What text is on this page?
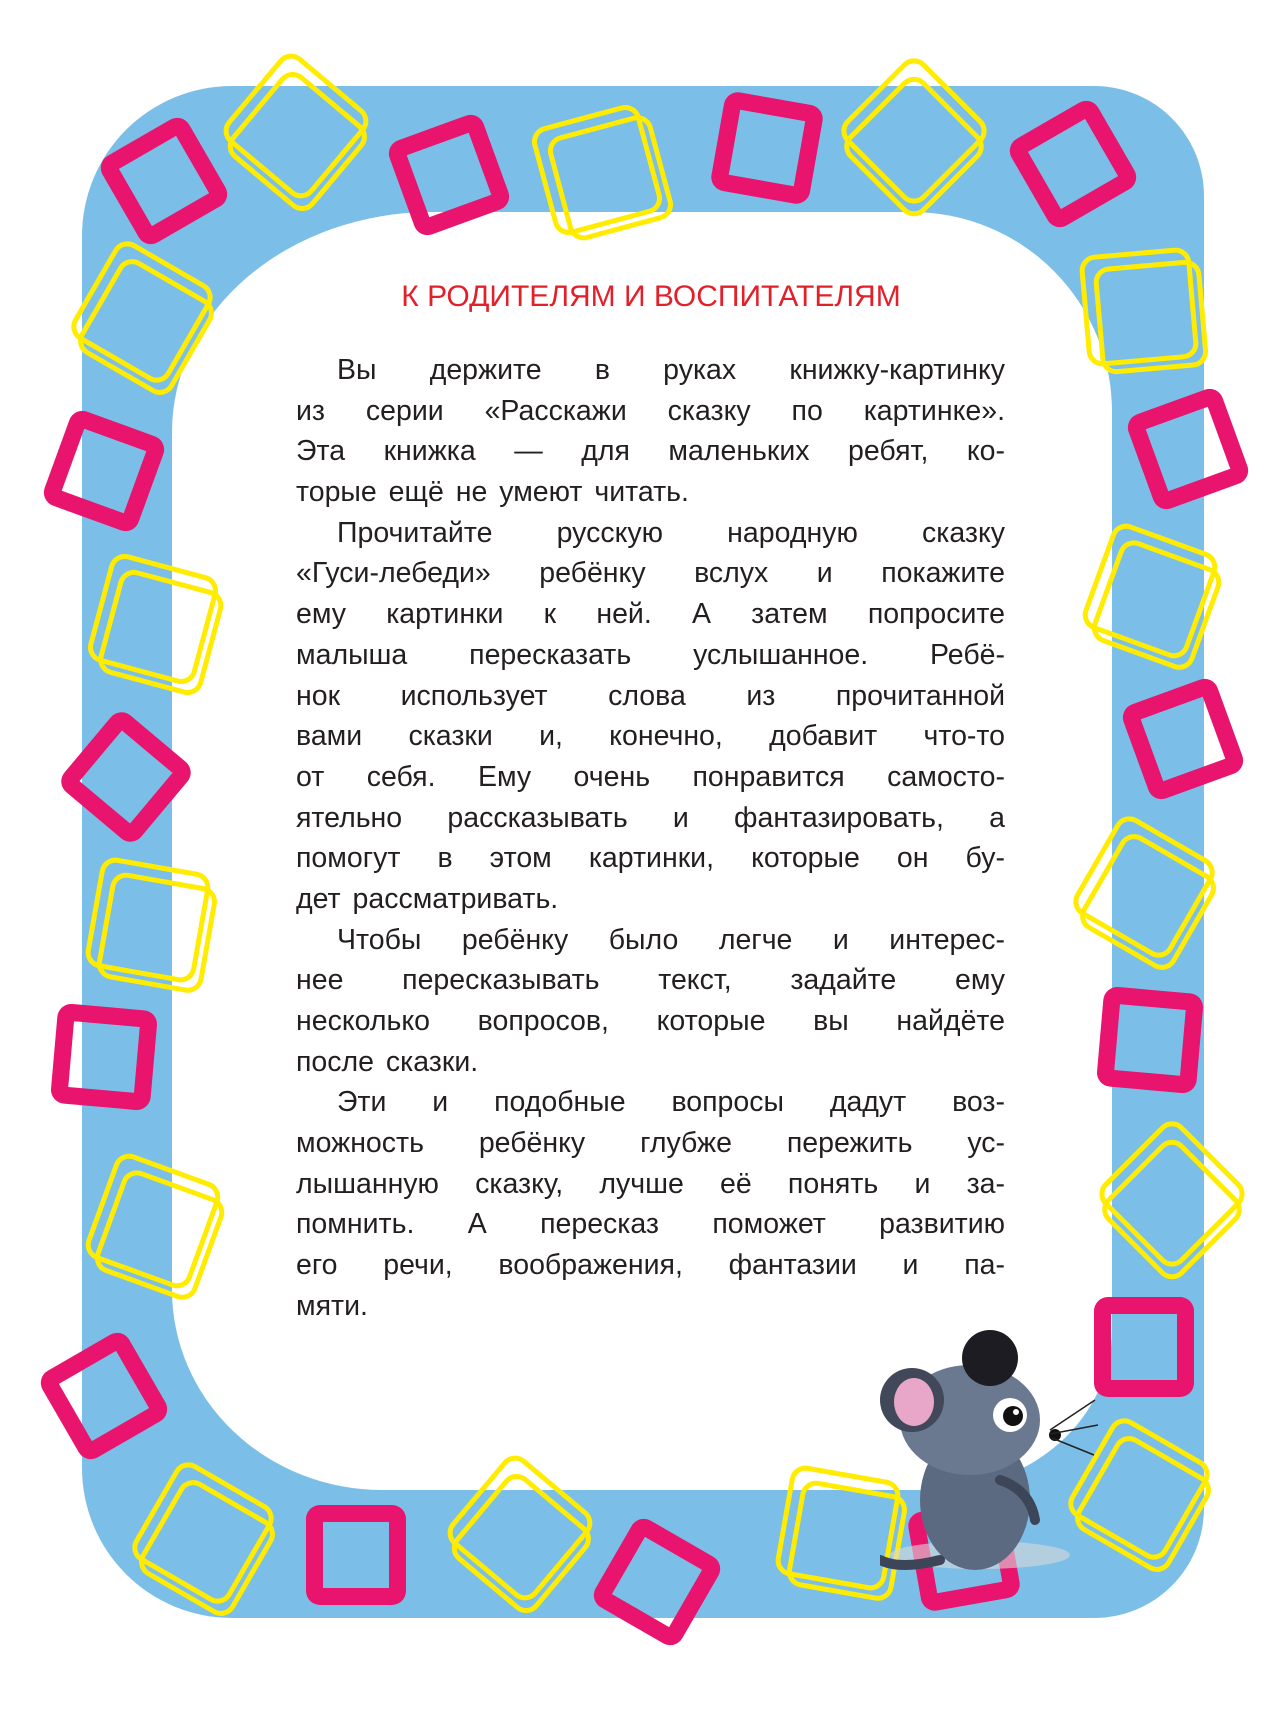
К РОДИТЕЛЯМ И ВОСПИТАТЕЛЯМ
Вы держите в руках книжку-картинку
из серии «Расскажи сказку по картинке».
Эта книжка — для маленьких ребят, ко-
торые ещё не умеют читать.
Прочитайте русскую народную сказку
«Гуси-лебеди» ребёнку вслух и покажите
ему картинки к ней. А затем попросите
малыша пересказать услышанное. Ребё-
нок использует слова из прочитанной
вами сказки и, конечно, добавит что-то
от себя. Ему очень понравится самосто-
ятельно рассказывать и фантазировать, а
помогут в этом картинки, которые он бу-
дет рассматривать.
Чтобы ребёнку было легче и интерес-
нее пересказывать текст, задайте ему
несколько вопросов, которые вы найдёте
после сказки.
Эти и подобные вопросы дадут воз-
можность ребёнку глубже пережить ус-
лышанную сказку, лучше её понять и за-
помнить. А пересказ поможет развитию
его речи, воображения, фантазии и па-
мяти.
